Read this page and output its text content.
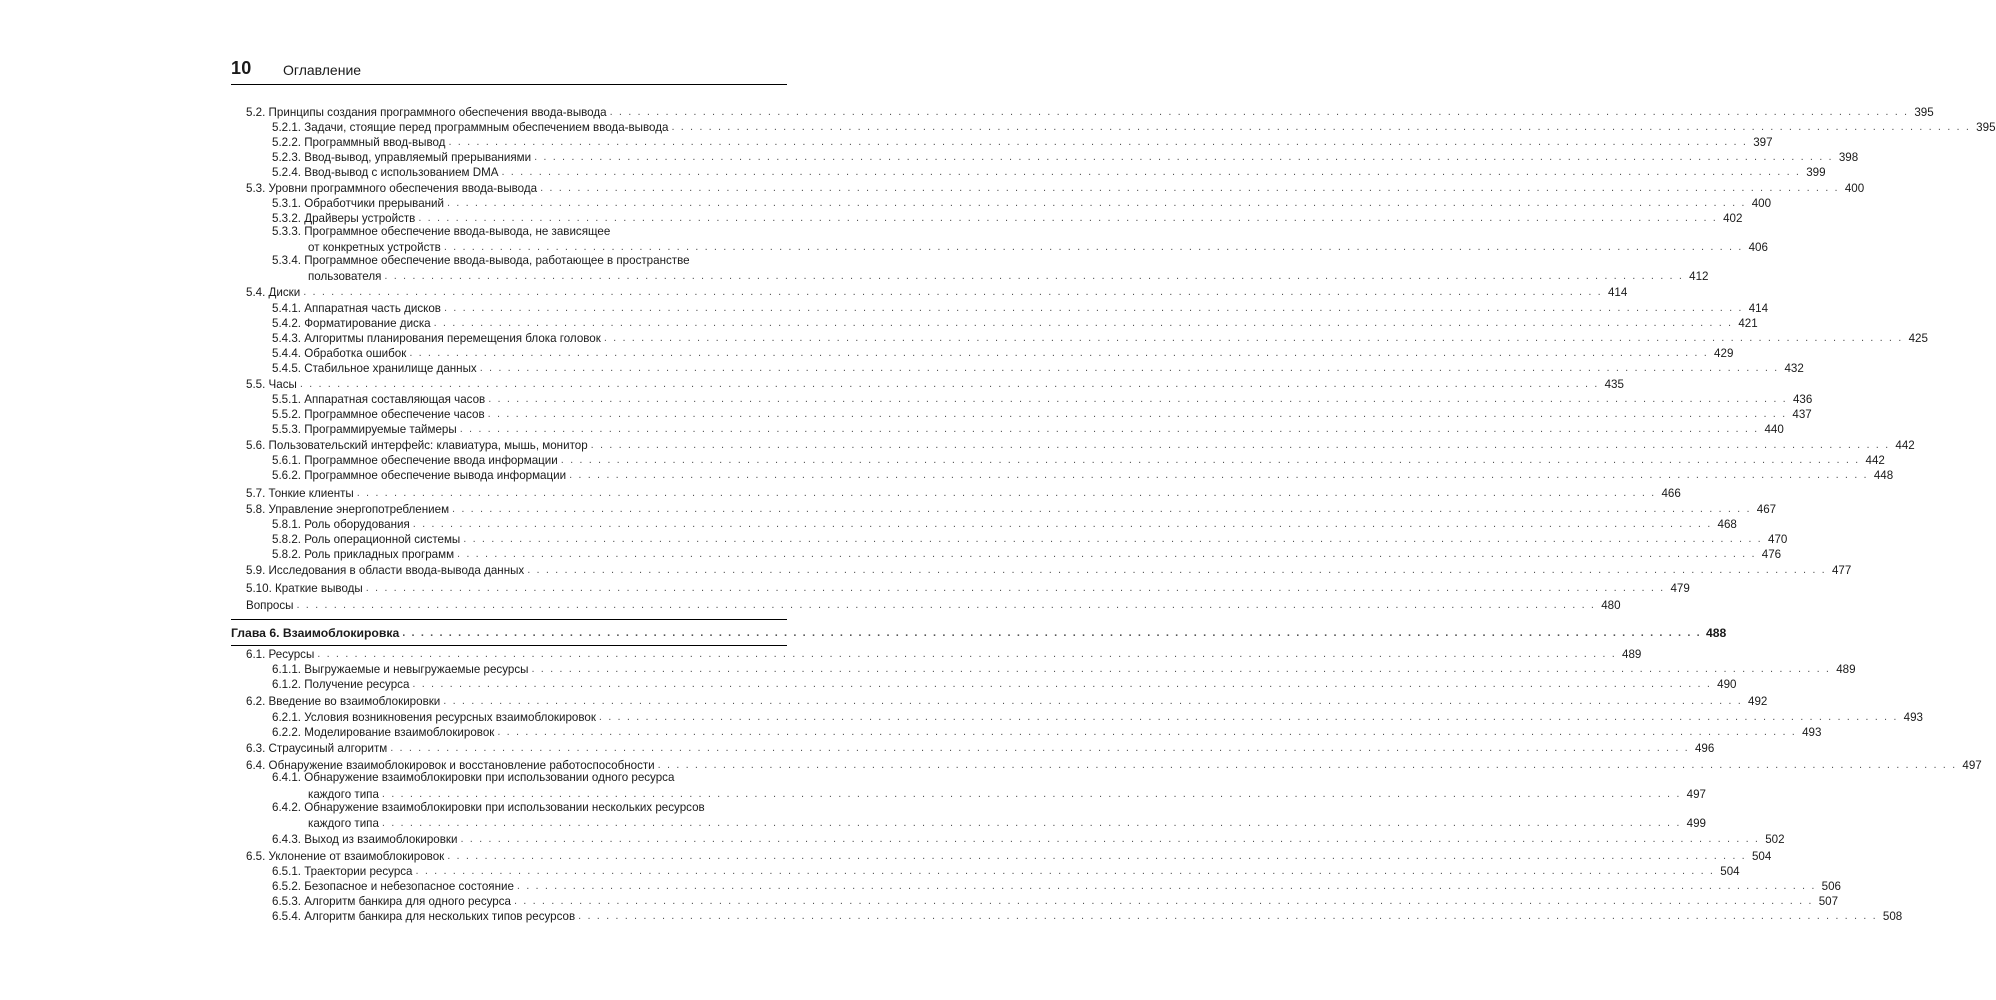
10 Оглавление
5.2. Принципы создания программного обеспечения ввода-вывода . . . . . . . . . . . . . . . . . . . . . . . . . . . . . . . . . . . . . . . . . . . . . . . . . . . . . . . . . . . . . . . . . . . . . . . . . . . . . . . . . . . . . . . . . . . . . . . . . . . . . . . . . . . . . . . . . . . . . . . . . . . . . . . . . . . . . . . . . . . . 395
5.2.1. Задачи, стоящие перед программным обеспечением ввода-вывода . . . . . . . . . . . . . . . . . . . . . . . . . . . . . . . . . . . . . . . . . . . . . . . . . . . . . . . . . . . . . . . . . . . . . . . . . . . . . . . . . . . . . . . . . . . . . . . . . . . . . . . . . . . . . . . . . . . . . . . . . . . . . . . . . . . . . . . . . . . . 395
5.2.2. Программный ввод-вывод . . . . . . . . . . . . . . . . . . . . . . . . . . . . . . . . . . . . . . . . . . . . . . . . . . . . . . . . . . . . . . . . . . . . . . . . . . . . . . . . . . . . . . . . . . . . . . . . . . . . . . . . . . . . . . . . . . . . . . . . . . . . . . . . . . . . . . . . . . . . 397
5.2.3. Ввод-вывод, управляемый прерываниями . . . . . . . . . . . . . . . . . . . . . . . . . . . . . . . . . . . . . . . . . . . . . . . . . . . . . . . . . . . . . . . . . . . . . . . . . . . . . . . . . . . . . . . . . . . . . . . . . . . . . . . . . . . . . . . . . . . . . . . . . . . . . . . . . . . . . . . . . . . . 398
5.2.4. Ввод-вывод с использованием DMA . . . . . . . . . . . . . . . . . . . . . . . . . . . . . . . . . . . . . . . . . . . . . . . . . . . . . . . . . . . . . . . . . . . . . . . . . . . . . . . . . . . . . . . . . . . . . . . . . . . . . . . . . . . . . . . . . . . . . . . . . . . . . . . . . . . . . . . . . . . . 399
5.3. Уровни программного обеспечения ввода-вывода . . . . . . . . . . . . . . . . . . . . . . . . . . . . . . . . . . . . . . . . . . . . . . . . . . . . . . . . . . . . . . . . . . . . . . . . . . . . . . . . . . . . . . . . . . . . . . . . . . . . . . . . . . . . . . . . . . . . . . . . . . . . . . . . . . . . . . . . . . . . 400
5.3.1. Обработчики прерываний . . . . . . . . . . . . . . . . . . . . . . . . . . . . . . . . . . . . . . . . . . . . . . . . . . . . . . . . . . . . . . . . . . . . . . . . . . . . . . . . . . . . . . . . . . . . . . . . . . . . . . . . . . . . . . . . . . . . . . . . . . . . . . . . . . . . . . . . . . . . 400
5.3.2. Драйверы устройств . . . . . . . . . . . . . . . . . . . . . . . . . . . . . . . . . . . . . . . . . . . . . . . . . . . . . . . . . . . . . . . . . . . . . . . . . . . . . . . . . . . . . . . . . . . . . . . . . . . . . . . . . . . . . . . . . . . . . . . . . . . . . . . . . . . . . . . . . . . . 402
5.3.3. Программное обеспечение ввода-вывода, не зависящее
от конкретных устройств . . . . . . . . . . . . . . . . . . . . . . . . . . . . . . . . . . . . . . . . . . . . . . . . . . . . . . . . . . . . . . . . . . . . . . . . . . . . . . . . . . . . . . . . . . . . . . . . . . . . . . . . . . . . . . . . . . . . . . . . . . . . . . . . . . . . . . . . . . . . 406
5.3.4. Программное обеспечение ввода-вывода, работающее в пространстве
пользователя . . . . . . . . . . . . . . . . . . . . . . . . . . . . . . . . . . . . . . . . . . . . . . . . . . . . . . . . . . . . . . . . . . . . . . . . . . . . . . . . . . . . . . . . . . . . . . . . . . . . . . . . . . . . . . . . . . . . . . . . . . . . . . . . . . . . . . . . . . . . 412
5.4. Диски . . . . . . . . . . . . . . . . . . . . . . . . . . . . . . . . . . . . . . . . . . . . . . . . . . . . . . . . . . . . . . . . . . . . . . . . . . . . . . . . . . . . . . . . . . . . . . . . . . . . . . . . . . . . . . . . . . . . . . . . . . . . . . . . . . . . . . . . . . . . 414
5.4.1. Аппаратная часть дисков . . . . . . . . . . . . . . . . . . . . . . . . . . . . . . . . . . . . . . . . . . . . . . . . . . . . . . . . . . . . . . . . . . . . . . . . . . . . . . . . . . . . . . . . . . . . . . . . . . . . . . . . . . . . . . . . . . . . . . . . . . . . . . . . . . . . . . . . . . . . 414
5.4.2. Форматирование диска . . . . . . . . . . . . . . . . . . . . . . . . . . . . . . . . . . . . . . . . . . . . . . . . . . . . . . . . . . . . . . . . . . . . . . . . . . . . . . . . . . . . . . . . . . . . . . . . . . . . . . . . . . . . . . . . . . . . . . . . . . . . . . . . . . . . . . . . . . . . 421
5.4.3. Алгоритмы планирования перемещения блока головок . . . . . . . . . . . . . . . . . . . . . . . . . . . . . . . . . . . . . . . . . . . . . . . . . . . . . . . . . . . . . . . . . . . . . . . . . . . . . . . . . . . . . . . . . . . . . . . . . . . . . . . . . . . . . . . . . . . . . . . . . . . . . . . . . . . . . . . . . . . . 425
5.4.4. Обработка ошибок . . . . . . . . . . . . . . . . . . . . . . . . . . . . . . . . . . . . . . . . . . . . . . . . . . . . . . . . . . . . . . . . . . . . . . . . . . . . . . . . . . . . . . . . . . . . . . . . . . . . . . . . . . . . . . . . . . . . . . . . . . . . . . . . . . . . . . . . . . . . 429
5.4.5. Стабильное хранилище данных . . . . . . . . . . . . . . . . . . . . . . . . . . . . . . . . . . . . . . . . . . . . . . . . . . . . . . . . . . . . . . . . . . . . . . . . . . . . . . . . . . . . . . . . . . . . . . . . . . . . . . . . . . . . . . . . . . . . . . . . . . . . . . . . . . . . . . . . . . . . 432
5.5. Часы . . . . . . . . . . . . . . . . . . . . . . . . . . . . . . . . . . . . . . . . . . . . . . . . . . . . . . . . . . . . . . . . . . . . . . . . . . . . . . . . . . . . . . . . . . . . . . . . . . . . . . . . . . . . . . . . . . . . . . . . . . . . . . . . . . . . . . . . . . . . 435
5.5.1. Аппаратная составляющая часов . . . . . . . . . . . . . . . . . . . . . . . . . . . . . . . . . . . . . . . . . . . . . . . . . . . . . . . . . . . . . . . . . . . . . . . . . . . . . . . . . . . . . . . . . . . . . . . . . . . . . . . . . . . . . . . . . . . . . . . . . . . . . . . . . . . . . . . . . . . . 436
5.5.2. Программное обеспечение часов . . . . . . . . . . . . . . . . . . . . . . . . . . . . . . . . . . . . . . . . . . . . . . . . . . . . . . . . . . . . . . . . . . . . . . . . . . . . . . . . . . . . . . . . . . . . . . . . . . . . . . . . . . . . . . . . . . . . . . . . . . . . . . . . . . . . . . . . . . . . 437
5.5.3. Программируемые таймеры . . . . . . . . . . . . . . . . . . . . . . . . . . . . . . . . . . . . . . . . . . . . . . . . . . . . . . . . . . . . . . . . . . . . . . . . . . . . . . . . . . . . . . . . . . . . . . . . . . . . . . . . . . . . . . . . . . . . . . . . . . . . . . . . . . . . . . . . . . . . 440
5.6. Пользовательский интерфейс: клавиатура, мышь, монитор . . . . . . . . . . . . . . . . . . . . . . . . . . . . . . . . . . . . . . . . . . . . . . . . . . . . . . . . . . . . . . . . . . . . . . . . . . . . . . . . . . . . . . . . . . . . . . . . . . . . . . . . . . . . . . . . . . . . . . . . . . . . . . . . . . . . . . . . . . . . 442
5.6.1. Программное обеспечение ввода информации . . . . . . . . . . . . . . . . . . . . . . . . . . . . . . . . . . . . . . . . . . . . . . . . . . . . . . . . . . . . . . . . . . . . . . . . . . . . . . . . . . . . . . . . . . . . . . . . . . . . . . . . . . . . . . . . . . . . . . . . . . . . . . . . . . . . . . . . . . . . 442
5.6.2. Программное обеспечение вывода информации . . . . . . . . . . . . . . . . . . . . . . . . . . . . . . . . . . . . . . . . . . . . . . . . . . . . . . . . . . . . . . . . . . . . . . . . . . . . . . . . . . . . . . . . . . . . . . . . . . . . . . . . . . . . . . . . . . . . . . . . . . . . . . . . . . . . . . . . . . . . 448
5.7. Тонкие клиенты . . . . . . . . . . . . . . . . . . . . . . . . . . . . . . . . . . . . . . . . . . . . . . . . . . . . . . . . . . . . . . . . . . . . . . . . . . . . . . . . . . . . . . . . . . . . . . . . . . . . . . . . . . . . . . . . . . . . . . . . . . . . . . . . . . . . . . . . . . . . 466
5.8. Управление энергопотреблением . . . . . . . . . . . . . . . . . . . . . . . . . . . . . . . . . . . . . . . . . . . . . . . . . . . . . . . . . . . . . . . . . . . . . . . . . . . . . . . . . . . . . . . . . . . . . . . . . . . . . . . . . . . . . . . . . . . . . . . . . . . . . . . . . . . . . . . . . . . . 467
5.8.1. Роль оборудования . . . . . . . . . . . . . . . . . . . . . . . . . . . . . . . . . . . . . . . . . . . . . . . . . . . . . . . . . . . . . . . . . . . . . . . . . . . . . . . . . . . . . . . . . . . . . . . . . . . . . . . . . . . . . . . . . . . . . . . . . . . . . . . . . . . . . . . . . . . . 468
5.8.2. Роль операционной системы . . . . . . . . . . . . . . . . . . . . . . . . . . . . . . . . . . . . . . . . . . . . . . . . . . . . . . . . . . . . . . . . . . . . . . . . . . . . . . . . . . . . . . . . . . . . . . . . . . . . . . . . . . . . . . . . . . . . . . . . . . . . . . . . . . . . . . . . . . . . 470
5.8.2. Роль прикладных программ . . . . . . . . . . . . . . . . . . . . . . . . . . . . . . . . . . . . . . . . . . . . . . . . . . . . . . . . . . . . . . . . . . . . . . . . . . . . . . . . . . . . . . . . . . . . . . . . . . . . . . . . . . . . . . . . . . . . . . . . . . . . . . . . . . . . . . . . . . . . 476
5.9. Исследования в области ввода-вывода данных . . . . . . . . . . . . . . . . . . . . . . . . . . . . . . . . . . . . . . . . . . . . . . . . . . . . . . . . . . . . . . . . . . . . . . . . . . . . . . . . . . . . . . . . . . . . . . . . . . . . . . . . . . . . . . . . . . . . . . . . . . . . . . . . . . . . . . . . . . . . 477
5.10. Краткие выводы . . . . . . . . . . . . . . . . . . . . . . . . . . . . . . . . . . . . . . . . . . . . . . . . . . . . . . . . . . . . . . . . . . . . . . . . . . . . . . . . . . . . . . . . . . . . . . . . . . . . . . . . . . . . . . . . . . . . . . . . . . . . . . . . . . . . . . . . . . . . 479
Вопросы . . . . . . . . . . . . . . . . . . . . . . . . . . . . . . . . . . . . . . . . . . . . . . . . . . . . . . . . . . . . . . . . . . . . . . . . . . . . . . . . . . . . . . . . . . . . . . . . . . . . . . . . . . . . . . . . . . . . . . . . . . . . . . . . . . . . . . . . . . . . 480
Глава 6. Взаимоблокировка . . . . . . . . . . . . . . . . . . . . . . . . . . . . . . . . . . . . . . . . . . . . . . . . . . . . . . . . . . . . . . . . . . . . . . . . . . . . . . . . . . . . . . . . . . . . . . . . . . . . . . . . . . . . . . . . . . . . . . . . . . . . . . . . . . . . . . . . . . . . 488
6.1. Ресурсы . . . . . . . . . . . . . . . . . . . . . . . . . . . . . . . . . . . . . . . . . . . . . . . . . . . . . . . . . . . . . . . . . . . . . . . . . . . . . . . . . . . . . . . . . . . . . . . . . . . . . . . . . . . . . . . . . . . . . . . . . . . . . . . . . . . . . . . . . . . . 489
6.1.1. Выгружаемые и невыгружаемые ресурсы . . . . . . . . . . . . . . . . . . . . . . . . . . . . . . . . . . . . . . . . . . . . . . . . . . . . . . . . . . . . . . . . . . . . . . . . . . . . . . . . . . . . . . . . . . . . . . . . . . . . . . . . . . . . . . . . . . . . . . . . . . . . . . . . . . . . . . . . . . . . 489
6.1.2. Получение ресурса . . . . . . . . . . . . . . . . . . . . . . . . . . . . . . . . . . . . . . . . . . . . . . . . . . . . . . . . . . . . . . . . . . . . . . . . . . . . . . . . . . . . . . . . . . . . . . . . . . . . . . . . . . . . . . . . . . . . . . . . . . . . . . . . . . . . . . . . . . . . 490
6.2. Введение во взаимоблокировки . . . . . . . . . . . . . . . . . . . . . . . . . . . . . . . . . . . . . . . . . . . . . . . . . . . . . . . . . . . . . . . . . . . . . . . . . . . . . . . . . . . . . . . . . . . . . . . . . . . . . . . . . . . . . . . . . . . . . . . . . . . . . . . . . . . . . . . . . . . . 492
6.2.1. Условия возникновения ресурсных взаимоблокировок . . . . . . . . . . . . . . . . . . . . . . . . . . . . . . . . . . . . . . . . . . . . . . . . . . . . . . . . . . . . . . . . . . . . . . . . . . . . . . . . . . . . . . . . . . . . . . . . . . . . . . . . . . . . . . . . . . . . . . . . . . . . . . . . . . . . . . . . . . . . 493
6.2.2. Моделирование взаимоблокировок . . . . . . . . . . . . . . . . . . . . . . . . . . . . . . . . . . . . . . . . . . . . . . . . . . . . . . . . . . . . . . . . . . . . . . . . . . . . . . . . . . . . . . . . . . . . . . . . . . . . . . . . . . . . . . . . . . . . . . . . . . . . . . . . . . . . . . . . . . . . 493
6.3. Страусиный алгоритм . . . . . . . . . . . . . . . . . . . . . . . . . . . . . . . . . . . . . . . . . . . . . . . . . . . . . . . . . . . . . . . . . . . . . . . . . . . . . . . . . . . . . . . . . . . . . . . . . . . . . . . . . . . . . . . . . . . . . . . . . . . . . . . . . . . . . . . . . . . . 496
6.4. Обнаружение взаимоблокировок и восстановление работоспособности . . . . . . . . . . . . . . . . . . . . . . . . . . . . . . . . . . . . . . . . . . . . . . . . . . . . . . . . . . . . . . . . . . . . . . . . . . . . . . . . . . . . . . . . . . . . . . . . . . . . . . . . . . . . . . . . . . . . . . . . . . . . . . . . . . . . . . . . . . . . 497
6.4.1. Обнаружение взаимоблокировки при использовании одного ресурса
каждого типа . . . . . . . . . . . . . . . . . . . . . . . . . . . . . . . . . . . . . . . . . . . . . . . . . . . . . . . . . . . . . . . . . . . . . . . . . . . . . . . . . . . . . . . . . . . . . . . . . . . . . . . . . . . . . . . . . . . . . . . . . . . . . . . . . . . . . . . . . . . . 497
6.4.2. Обнаружение взаимоблокировки при использовании нескольких ресурсов
каждого типа . . . . . . . . . . . . . . . . . . . . . . . . . . . . . . . . . . . . . . . . . . . . . . . . . . . . . . . . . . . . . . . . . . . . . . . . . . . . . . . . . . . . . . . . . . . . . . . . . . . . . . . . . . . . . . . . . . . . . . . . . . . . . . . . . . . . . . . . . . . . 499
6.4.3. Выход из взаимоблокировки . . . . . . . . . . . . . . . . . . . . . . . . . . . . . . . . . . . . . . . . . . . . . . . . . . . . . . . . . . . . . . . . . . . . . . . . . . . . . . . . . . . . . . . . . . . . . . . . . . . . . . . . . . . . . . . . . . . . . . . . . . . . . . . . . . . . . . . . . . . . 502
6.5. Уклонение от взаимоблокировок . . . . . . . . . . . . . . . . . . . . . . . . . . . . . . . . . . . . . . . . . . . . . . . . . . . . . . . . . . . . . . . . . . . . . . . . . . . . . . . . . . . . . . . . . . . . . . . . . . . . . . . . . . . . . . . . . . . . . . . . . . . . . . . . . . . . . . . . . . . . 504
6.5.1. Траектории ресурса . . . . . . . . . . . . . . . . . . . . . . . . . . . . . . . . . . . . . . . . . . . . . . . . . . . . . . . . . . . . . . . . . . . . . . . . . . . . . . . . . . . . . . . . . . . . . . . . . . . . . . . . . . . . . . . . . . . . . . . . . . . . . . . . . . . . . . . . . . . . 504
6.5.2. Безопасное и небезопасное состояние . . . . . . . . . . . . . . . . . . . . . . . . . . . . . . . . . . . . . . . . . . . . . . . . . . . . . . . . . . . . . . . . . . . . . . . . . . . . . . . . . . . . . . . . . . . . . . . . . . . . . . . . . . . . . . . . . . . . . . . . . . . . . . . . . . . . . . . . . . . . 506
6.5.3. Алгоритм банкира для одного ресурса . . . . . . . . . . . . . . . . . . . . . . . . . . . . . . . . . . . . . . . . . . . . . . . . . . . . . . . . . . . . . . . . . . . . . . . . . . . . . . . . . . . . . . . . . . . . . . . . . . . . . . . . . . . . . . . . . . . . . . . . . . . . . . . . . . . . . . . . . . . . 507
6.5.4. Алгоритм банкира для нескольких типов ресурсов . . . . . . . . . . . . . . . . . . . . . . . . . . . . . . . . . . . . . . . . . . . . . . . . . . . . . . . . . . . . . . . . . . . . . . . . . . . . . . . . . . . . . . . . . . . . . . . . . . . . . . . . . . . . . . . . . . . . . . . . . . . . . . . . . . . . . . . . . . . . 508
